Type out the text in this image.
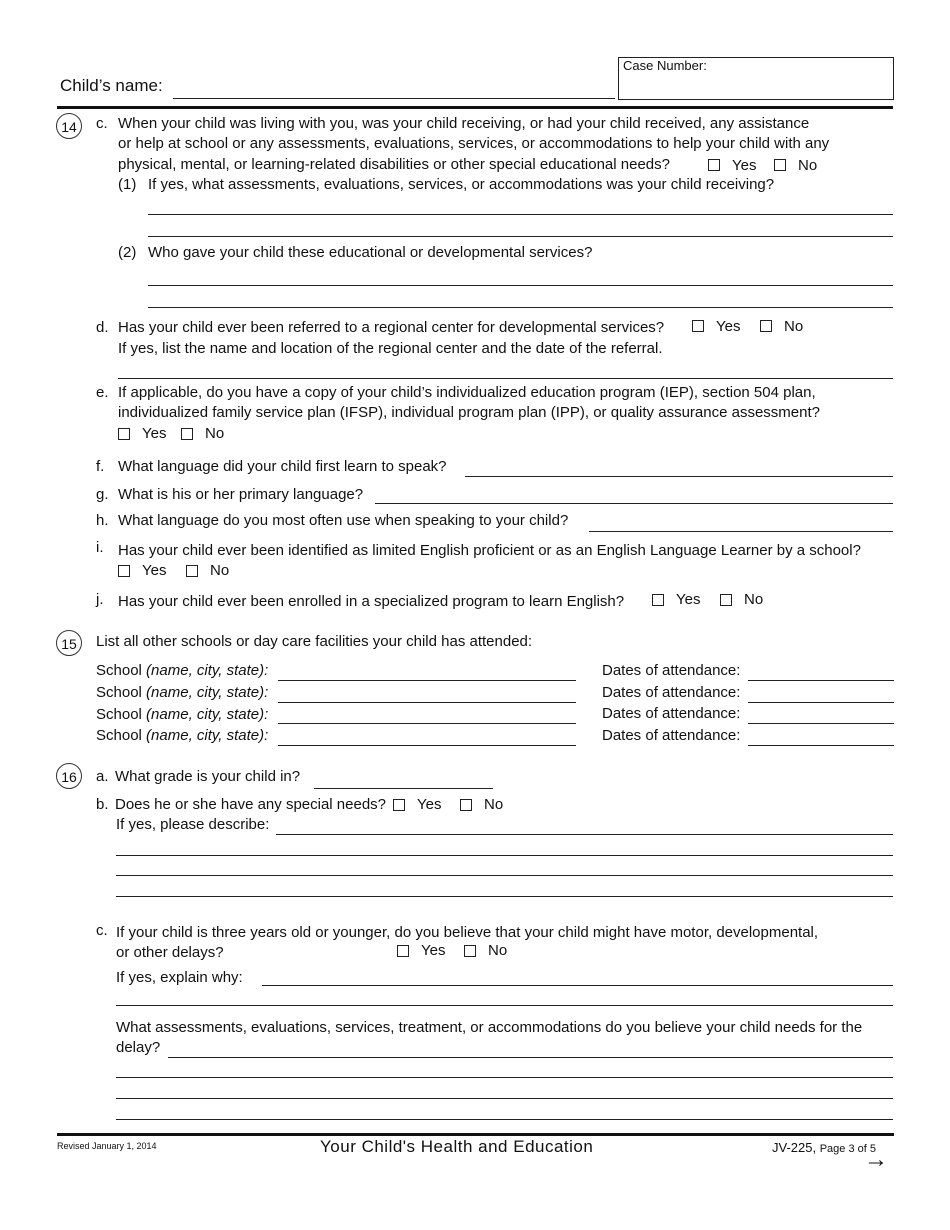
Child’s name:
Case Number:
14	c. When your child was living with you, was your child receiving, or had your child received, any assistance
or help at school or any assessments, evaluations, services, or accommodations to help your child with any
physical, mental, or learning-related disabilities or other special educational needs?	Yes	No
(1) If yes, what assessments, evaluations, services, or accommodations was your child receiving?
(2) Who gave your child these educational or developmental services?
d. Has your child ever been referred to a regional center for developmental services?	Yes	No
If yes, list the name and location of the regional center and the date of the referral.
e. If applicable, do you have a copy of your child’s individualized education program (IEP), section 504 plan,
individualized family service plan (IFSP), individual program plan (IPP), or quality assurance assessment?
Yes	No
f. What language did your child first learn to speak?
g. What is his or her primary language?
h. What language do you most often use when speaking to your child?
i. Has your child ever been identified as limited English proficient or as an English Language Learner by a school?
Yes	No
j. Has your child ever been enrolled in a specialized program to learn English?	Yes	No
15	List all other schools or day care facilities your child has attended:
School (name, city, state):	Dates of attendance:
School (name, city, state):	Dates of attendance:
School (name, city, state):	Dates of attendance:
School (name, city, state):	Dates of attendance:
16	a. What grade is your child in?
b. Does he or she have any special needs? Yes	No
If yes, please describe:
c. If your child is three years old or younger, do you believe that your child might have motor, developmental,
or other delays?	Yes	No
If yes, explain why:
What assessments, evaluations, services, treatment, or accommodations do you believe your child needs for the
delay?
Revised January 1, 2014	Your Child's Health and Education	JV-225, Page 3 of 5
→
